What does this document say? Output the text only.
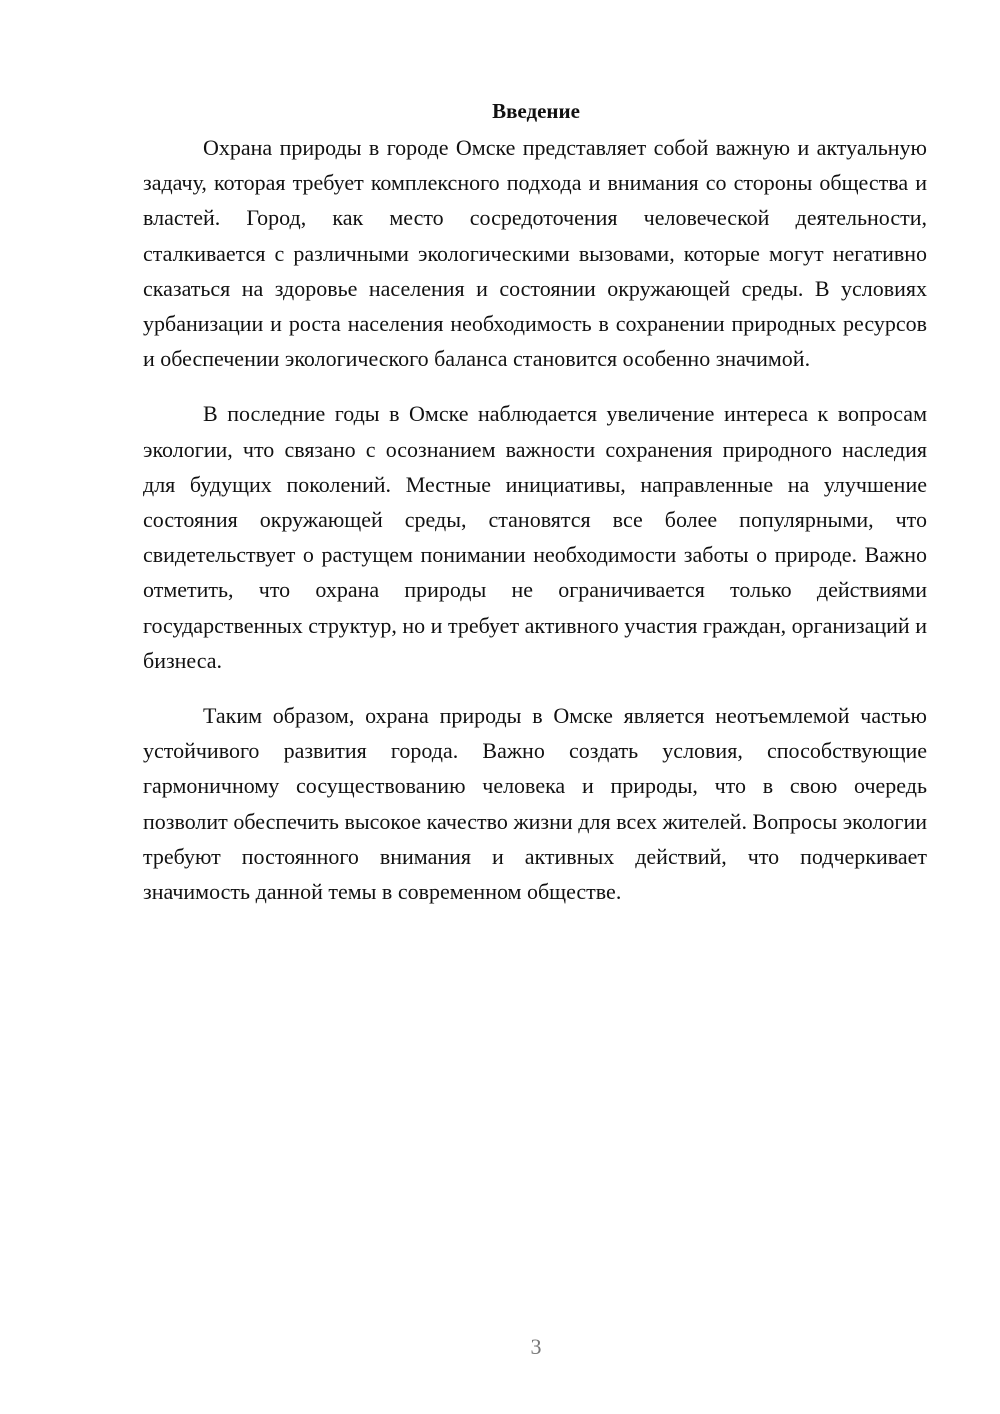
Введение

Охрана природы в городе Омске представляет собой важную и актуальную задачу, которая требует комплексного подхода и внимания со стороны общества и властей. Город, как место сосредоточения человеческой деятельности, сталкивается с различными экологическими вызовами, которые могут негативно сказаться на здоровье населения и состоянии окружающей среды. В условиях урбанизации и роста населения необходимость в сохранении природных ресурсов и обеспечении экологического баланса становится особенно значимой.

В последние годы в Омске наблюдается увеличение интереса к вопросам экологии, что связано с осознанием важности сохранения природного наследия для будущих поколений. Местные инициативы, направленные на улучшение состояния окружающей среды, становятся все более популярными, что свидетельствует о растущем понимании необходимости заботы о природе. Важно отметить, что охрана природы не ограничивается только действиями государственных структур, но и требует активного участия граждан, организаций и бизнеса.

Таким образом, охрана природы в Омске является неотъемлемой частью устойчивого развития города. Важно создать условия, способствующие гармоничному сосуществованию человека и природы, что в свою очередь позволит обеспечить высокое качество жизни для всех жителей. Вопросы экологии требуют постоянного внимания и активных действий, что подчеркивает значимость данной темы в современном обществе.

3
